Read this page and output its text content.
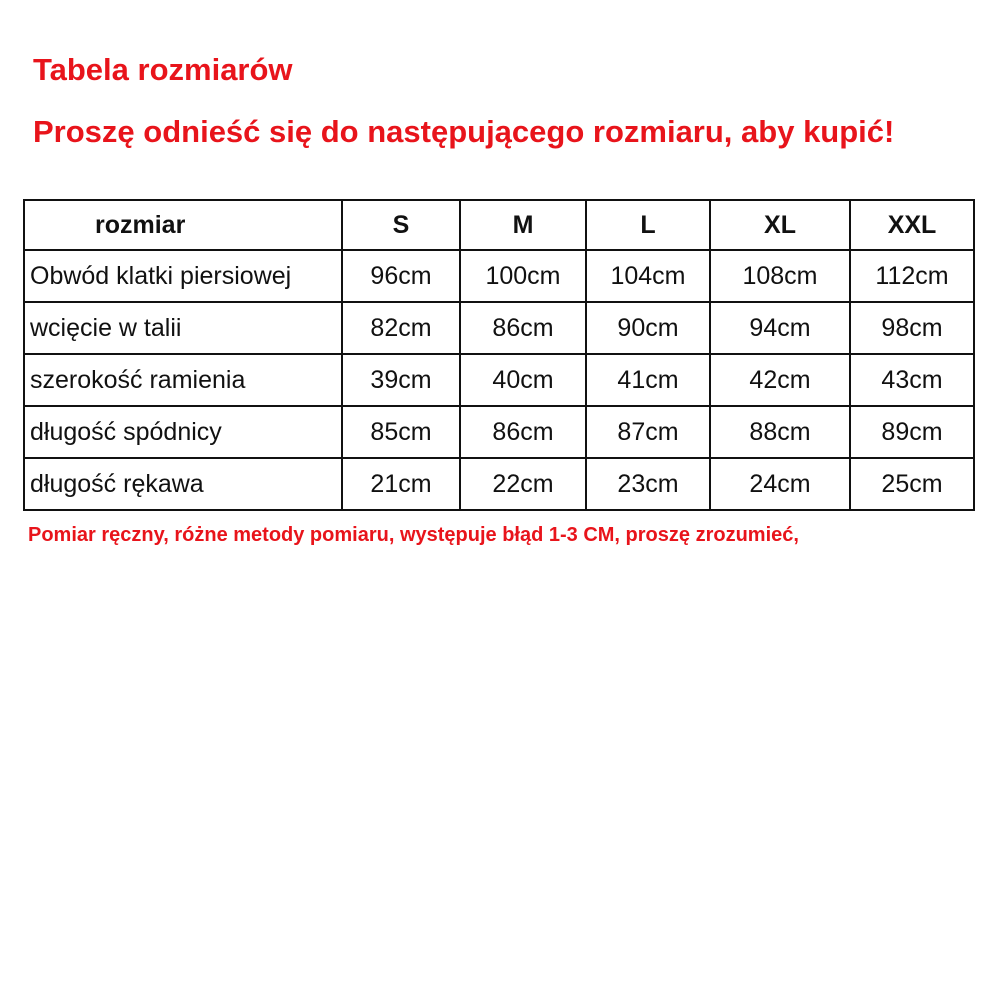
Tabela rozmiarów
Proszę odnieść się do następującego rozmiaru, aby kupić!
rozmiar	S	M	L	XL	XXL
Obwód klatki piersiowej	96cm	100cm	104cm	108cm	112cm
wcięcie w talii	82cm	86cm	90cm	94cm	98cm
szerokość ramienia	39cm	40cm	41cm	42cm	43cm
długość spódnicy	85cm	86cm	87cm	88cm	89cm
długość rękawa	21cm	22cm	23cm	24cm	25cm
Pomiar ręczny, różne metody pomiaru, występuje błąd 1-3 CM, proszę zrozumieć,
